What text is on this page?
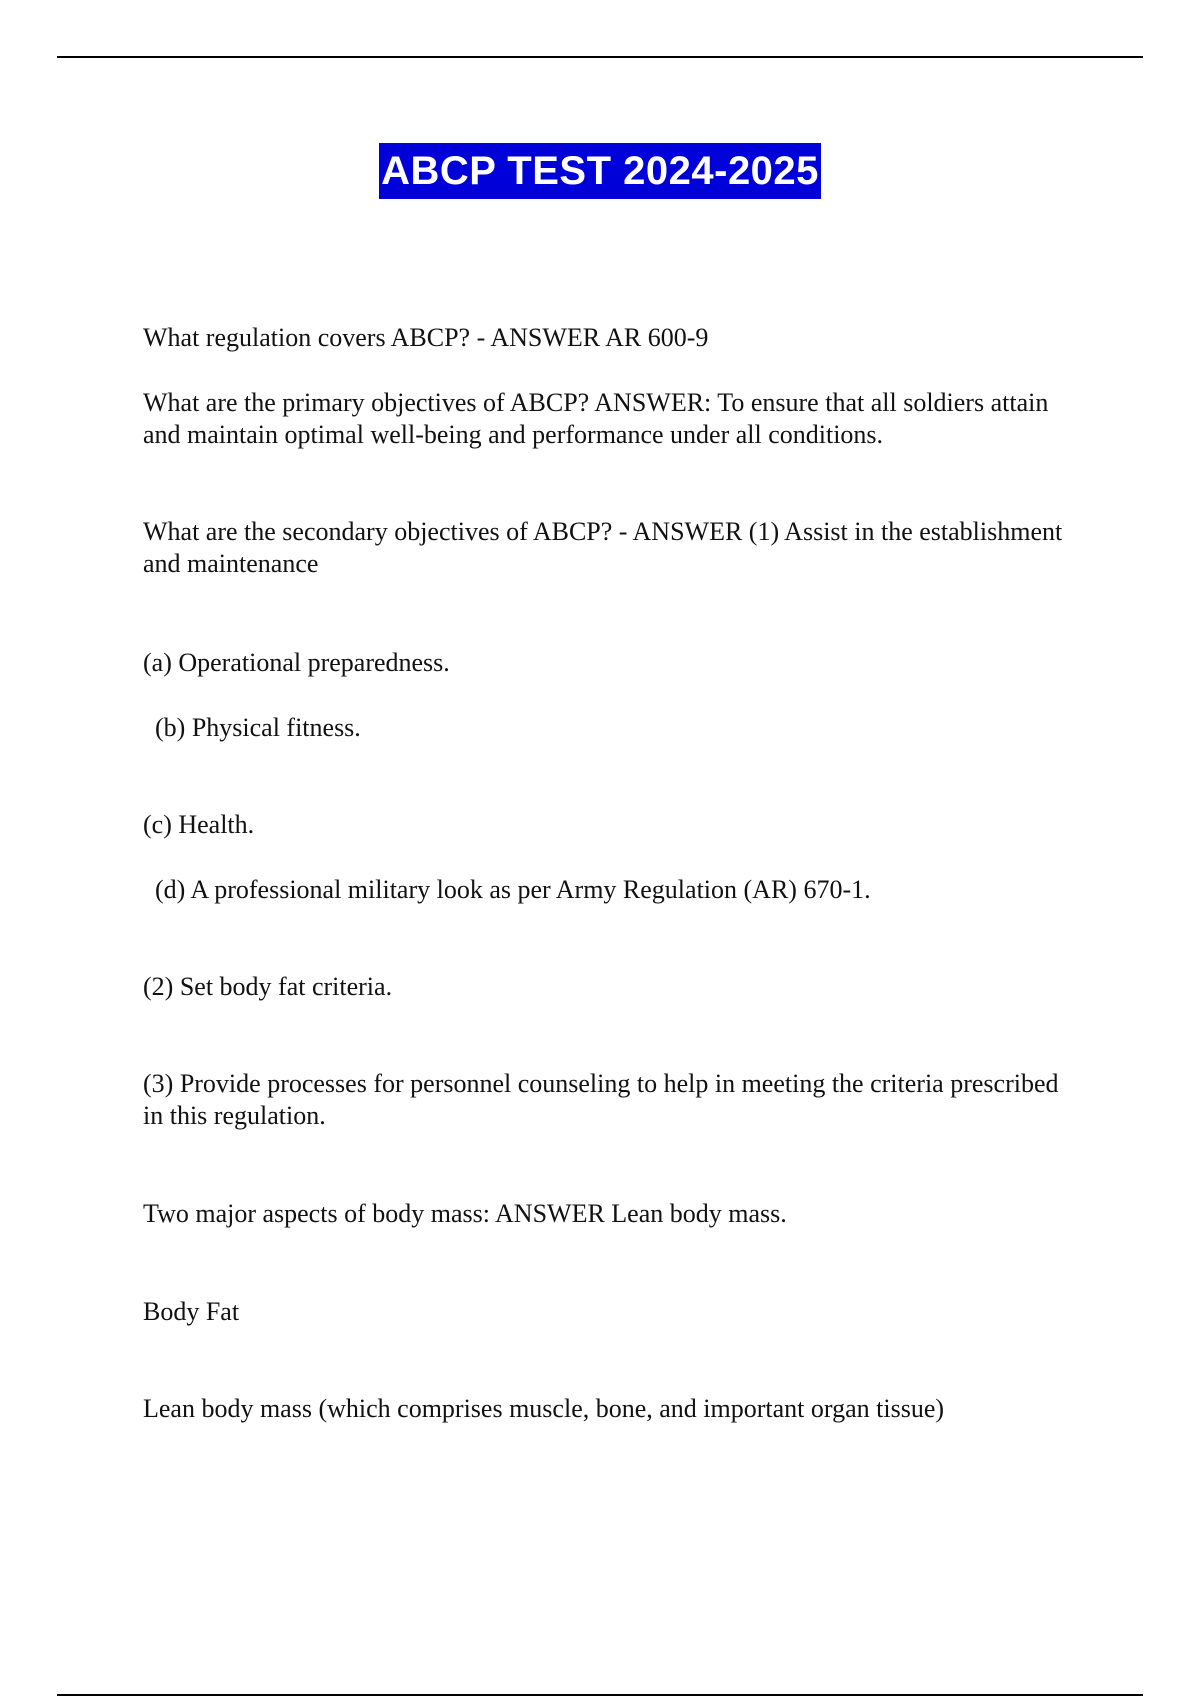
ABCP TEST 2024-2025

What regulation covers ABCP? - ANSWER AR 600-9

What are the primary objectives of ABCP? ANSWER: To ensure that all soldiers attain and maintain optimal well-being and performance under all conditions.

What are the secondary objectives of ABCP? - ANSWER (1) Assist in the establishment and maintenance

(a) Operational preparedness.

(b) Physical fitness.

(c) Health.

(d) A professional military look as per Army Regulation (AR) 670-1.

(2) Set body fat criteria.

(3) Provide processes for personnel counseling to help in meeting the criteria prescribed in this regulation.

Two major aspects of body mass: ANSWER Lean body mass.

Body Fat

Lean body mass (which comprises muscle, bone, and important organ tissue)
